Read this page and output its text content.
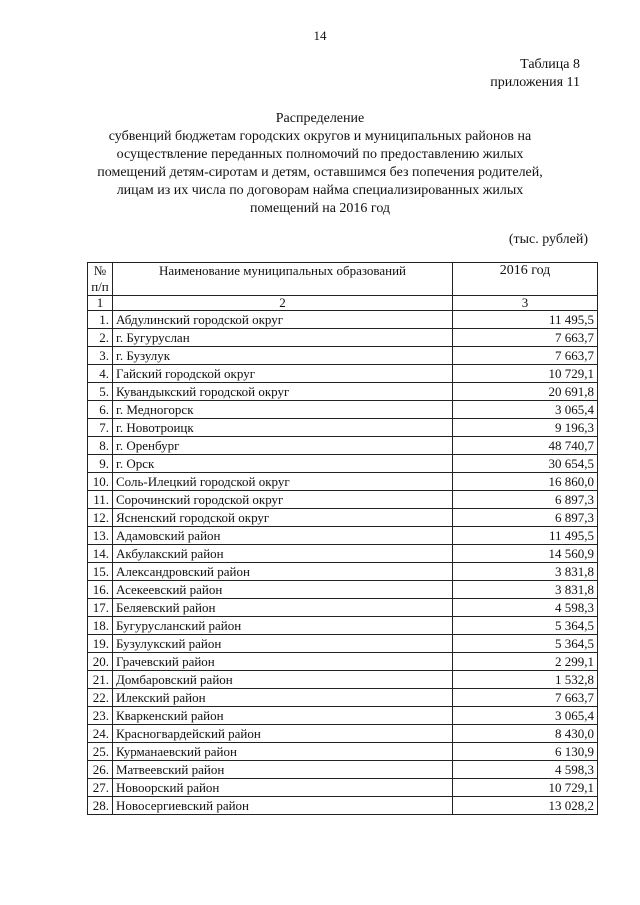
14
Таблица 8
приложения 11
Распределение
субвенций бюджетам городских округов и муниципальных районов на
осуществление переданных полномочий по предоставлению жилых
помещений детям-сиротам и детям, оставшимся без попечения родителей,
лицам из их числа по договорам найма специализированных жилых
помещений на 2016 год
(тыс. рублей)
№
п/п	Наименование муниципальных образований	2016 год
1	2	3
1.	Абдулинский городской округ	11 495,5
2.	г. Бугуруслан	7 663,7
3.	г. Бузулук	7 663,7
4.	Гайский городской округ	10 729,1
5.	Кувандыкский городской округ	20 691,8
6.	г. Медногорск	3 065,4
7.	г. Новотроицк	9 196,3
8.	г. Оренбург	48 740,7
9.	г. Орск	30 654,5
10.	Соль-Илецкий городской округ	16 860,0
11.	Сорочинский городской округ	6 897,3
12.	Ясненский городской округ	6 897,3
13.	Адамовский район	11 495,5
14.	Акбулакский район	14 560,9
15.	Александровский район	3 831,8
16.	Асекеевский район	3 831,8
17.	Беляевский район	4 598,3
18.	Бугурусланский район	5 364,5
19.	Бузулукский район	5 364,5
20.	Грачевский район	2 299,1
21.	Домбаровский район	1 532,8
22.	Илекский район	7 663,7
23.	Кваркенский район	3 065,4
24.	Красногвардейский район	8 430,0
25.	Курманаевский район	6 130,9
26.	Матвеевский район	4 598,3
27.	Новоорский район	10 729,1
28.	Новосергиевский район	13 028,2
